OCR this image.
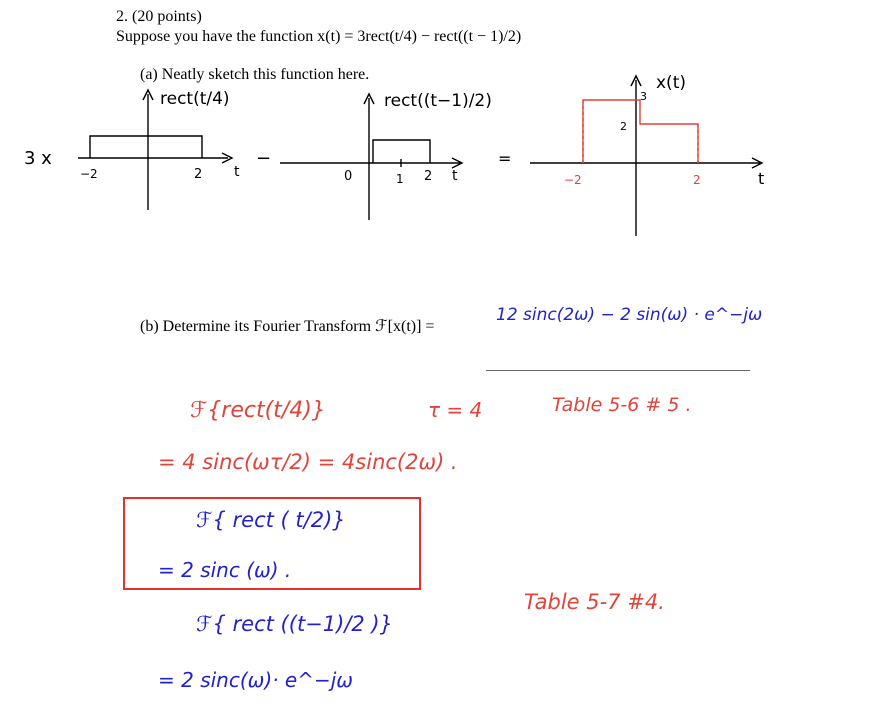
2. (20 points)
Suppose you have the function x(t) = 3rect(t/4) − rect((t − 1)/2)
(a) Neatly sketch this function here.
rect(t/4)
3 x
−2	2 t
−
rect((t−1)/2)
0	1 2 t
=
x(t)
3
2
−2	2	t
(b) Determine its Fourier Transform ℱ[x(t)] =
12 sinc(2ω) − 2 sin(ω) · e^−jω
ℱ{rect(t/4)}	τ = 4	Table 5-6 # 5 .
= 4 sinc(ωτ/2) = 4sinc(2ω) .
ℱ{ rect ( t/2)}
= 2 sinc (ω) .
Table 5-7 #4.
ℱ{ rect ((t−1)/2 )}
= 2 sinc(ω)· e^−jω
